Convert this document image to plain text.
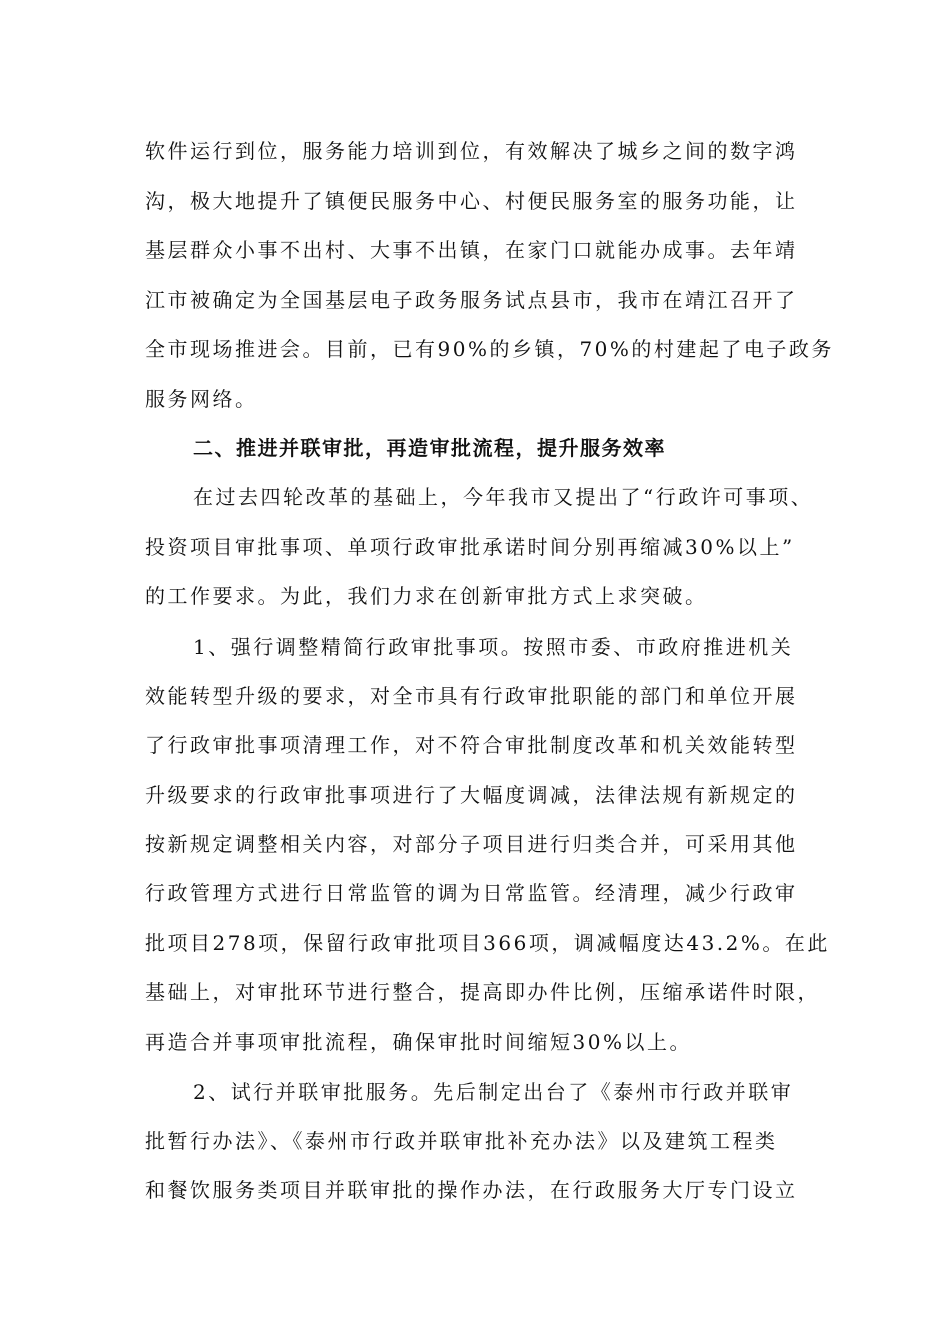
软件运行到位，服务能力培训到位，有效解决了城乡之间的数字鸿
沟，极大地提升了镇便民服务中心、村便民服务室的服务功能，让
基层群众小事不出村、大事不出镇，在家门口就能办成事。去年靖
江市被确定为全国基层电子政务服务试点县市，我市在靖江召开了
全市现场推进会。目前，已有90%的乡镇，70%的村建起了电子政务
服务网络。
二、推进并联审批，再造审批流程，提升服务效率
在过去四轮改革的基础上，今年我市又提出了“行政许可事项、
投资项目审批事项、单项行政审批承诺时间分别再缩减30%以上”
的工作要求。为此，我们力求在创新审批方式上求突破。
1、强行调整精简行政审批事项。按照市委、市政府推进机关
效能转型升级的要求，对全市具有行政审批职能的部门和单位开展
了行政审批事项清理工作，对不符合审批制度改革和机关效能转型
升级要求的行政审批事项进行了大幅度调减，法律法规有新规定的
按新规定调整相关内容，对部分子项目进行归类合并，可采用其他
行政管理方式进行日常监管的调为日常监管。经清理，减少行政审
批项目278项，保留行政审批项目366项，调减幅度达43.2%。在此
基础上，对审批环节进行整合，提高即办件比例，压缩承诺件时限，
再造合并事项审批流程，确保审批时间缩短30%以上。
2、试行并联审批服务。先后制定出台了《泰州市行政并联审
批暂行办法》、《泰州市行政并联审批补充办法》以及建筑工程类
和餐饮服务类项目并联审批的操作办法，在行政服务大厅专门设立
